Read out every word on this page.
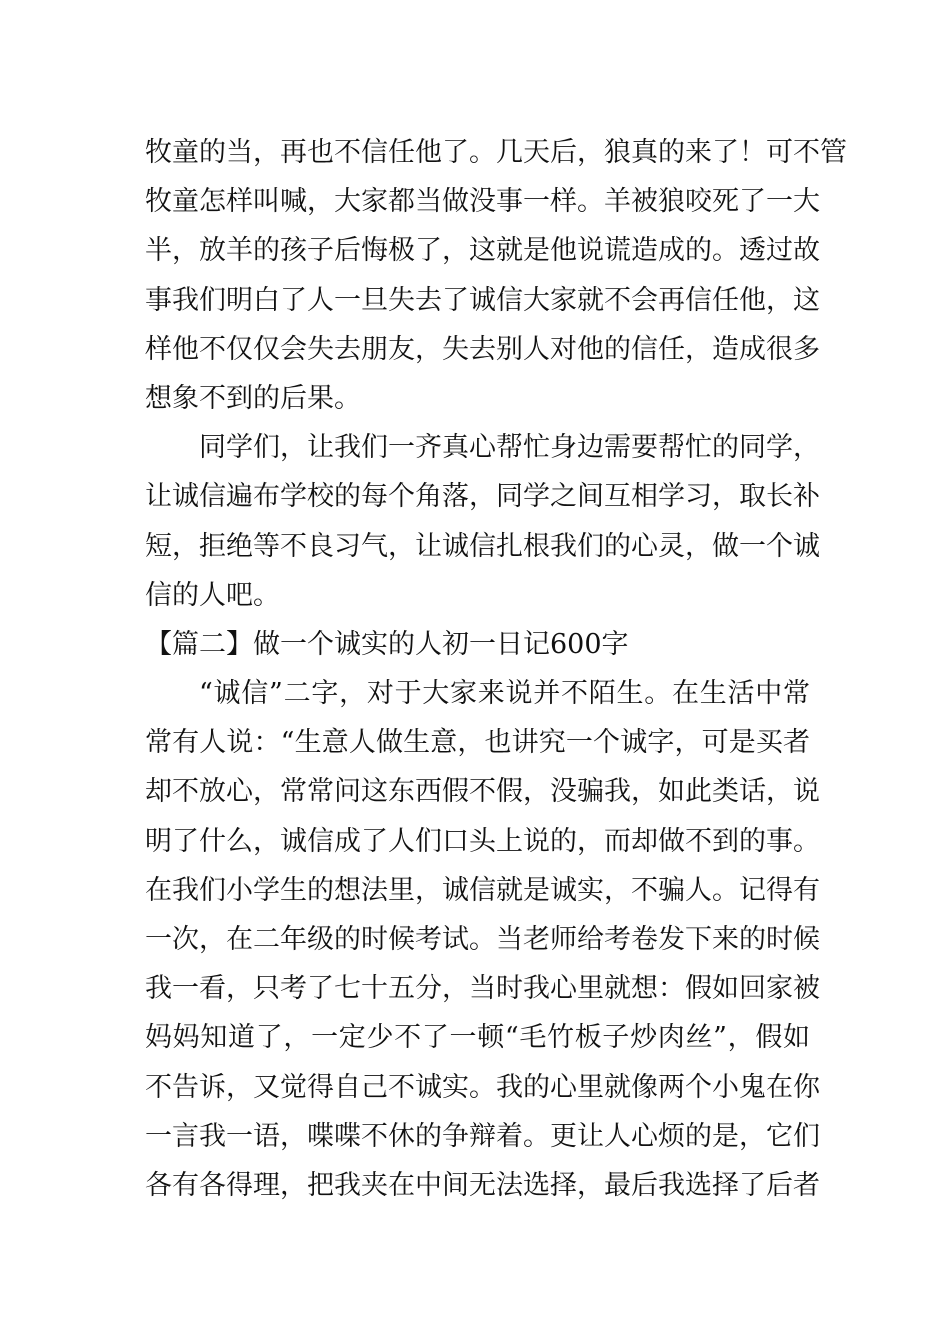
牧童的当，再也不信任他了。几天后，狼真的来了！可不管
牧童怎样叫喊，大家都当做没事一样。羊被狼咬死了一大
半，放羊的孩子后悔极了，这就是他说谎造成的。透过故
事我们明白了人一旦失去了诚信大家就不会再信任他，这
样他不仅仅会失去朋友，失去别人对他的信任，造成很多
想象不到的后果。
同学们，让我们一齐真心帮忙身边需要帮忙的同学，
让诚信遍布学校的每个角落，同学之间互相学习，取长补
短，拒绝等不良习气，让诚信扎根我们的心灵，做一个诚
信的人吧。
【篇二】做一个诚实的人初一日记600字
“诚信”二字，对于大家来说并不陌生。在生活中常
常有人说：“生意人做生意，也讲究一个诚字，可是买者
却不放心，常常问这东西假不假，没骗我，如此类话，说
明了什么，诚信成了人们口头上说的，而却做不到的事。
在我们小学生的想法里，诚信就是诚实，不骗人。记得有
一次，在二年级的时候考试。当老师给考卷发下来的时候
我一看，只考了七十五分，当时我心里就想：假如回家被
妈妈知道了，一定少不了一顿“毛竹板子炒肉丝”，假如
不告诉，又觉得自己不诚实。我的心里就像两个小鬼在你
一言我一语，喋喋不休的争辩着。更让人心烦的是，它们
各有各得理，把我夹在中间无法选择，最后我选择了后者
